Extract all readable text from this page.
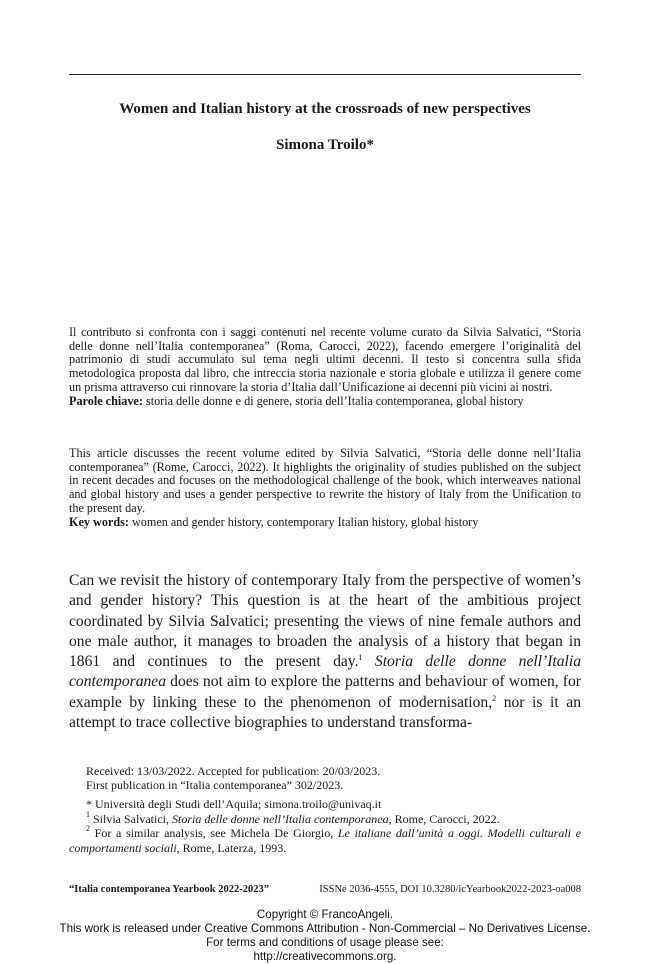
Women and Italian history at the crossroads of new perspectives
Simona Troilo*
Il contributo si confronta con i saggi contenuti nel recente volume curato da Silvia Salvatici, “Storia delle donne nell’Italia contemporanea” (Roma, Carocci, 2022), facendo emergere l’originalità del patrimonio di studi accumulato sul tema negli ultimi decenni. Il testo si concentra sulla sfida metodologica proposta dal libro, che intreccia storia nazionale e storia globale e utilizza il genere come un prisma attraverso cui rinnovare la storia d’Italia dall’Unificazione ai decenni più vicini ai nostri.
Parole chiave: storia delle donne e di genere, storia dell’Italia contemporanea, global history
This article discusses the recent volume edited by Silvia Salvatici, “Storia delle donne nell’Italia contemporanea” (Rome, Carocci, 2022). It highlights the originality of studies published on the subject in recent decades and focuses on the methodological challenge of the book, which interweaves national and global history and uses a gender perspective to rewrite the history of Italy from the Unification to the present day.
Key words: women and gender history, contemporary Italian history, global history
Can we revisit the history of contemporary Italy from the perspective of women’s and gender history? This question is at the heart of the ambitious project coordinated by Silvia Salvatici; presenting the views of nine female authors and one male author, it manages to broaden the analysis of a history that began in 1861 and continues to the present day.$^1$ Storia delle donne nell’Italia contemporanea does not aim to explore the patterns and behaviour of women, for example by linking these to the phenomenon of modernisation,$^2$ nor is it an attempt to trace collective biographies to understand transforma-
Received: 13/03/2022. Accepted for publication: 20/03/2023.
First publication in “Italia contemporanea” 302/2023.

* Università degli Studi dell’Aquila; simona.troilo@univaq.it

$^1$ Silvia Salvatici, Storia delle donne nell’Italia contemporanea, Rome, Carocci, 2022.

$^2$ For a similar analysis, see Michela De Giorgio, Le italiane dall’unità a oggi. Modelli culturali e comportamenti sociali, Rome, Laterza, 1993.

“Italia contemporanea Yearbook 2022-2023”	ISSNe 2036-4555, DOI 10.3280/icYearbook2022-2023-oa008
Copyright © FrancoAngeli.
This work is released under Creative Commons Attribution - Non-Commercial – No Derivatives License.
For terms and conditions of usage please see:
http://creativecommons.org.
